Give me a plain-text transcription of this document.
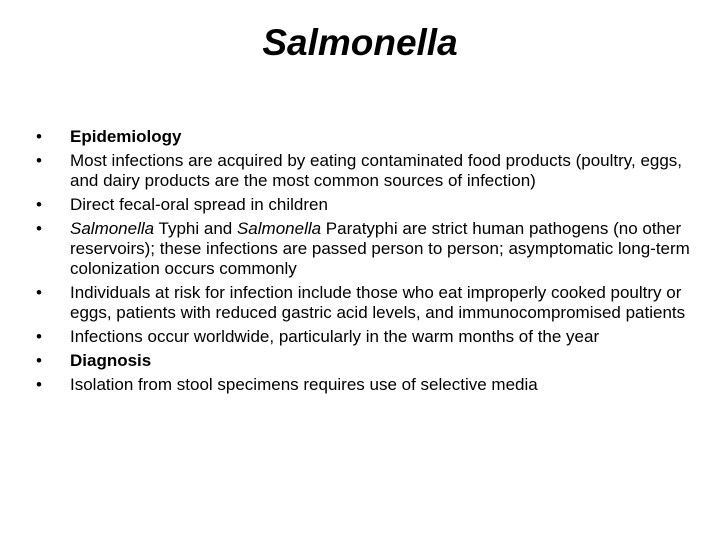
Salmonella
•	Epidemiology
•	Most infections are acquired by eating contaminated food products (poultry, eggs, and dairy products are the most common sources of infection)
•	Direct fecal-oral spread in children
•	Salmonella Typhi and Salmonella Paratyphi are strict human pathogens (no other reservoirs); these infections are passed person to person; asymptomatic long-term colonization occurs commonly
•	Individuals at risk for infection include those who eat improperly cooked poultry or eggs, patients with reduced gastric acid levels, and immunocompromised patients
•	Infections occur worldwide, particularly in the warm months of the year
•	Diagnosis
•	Isolation from stool specimens requires use of selective media
